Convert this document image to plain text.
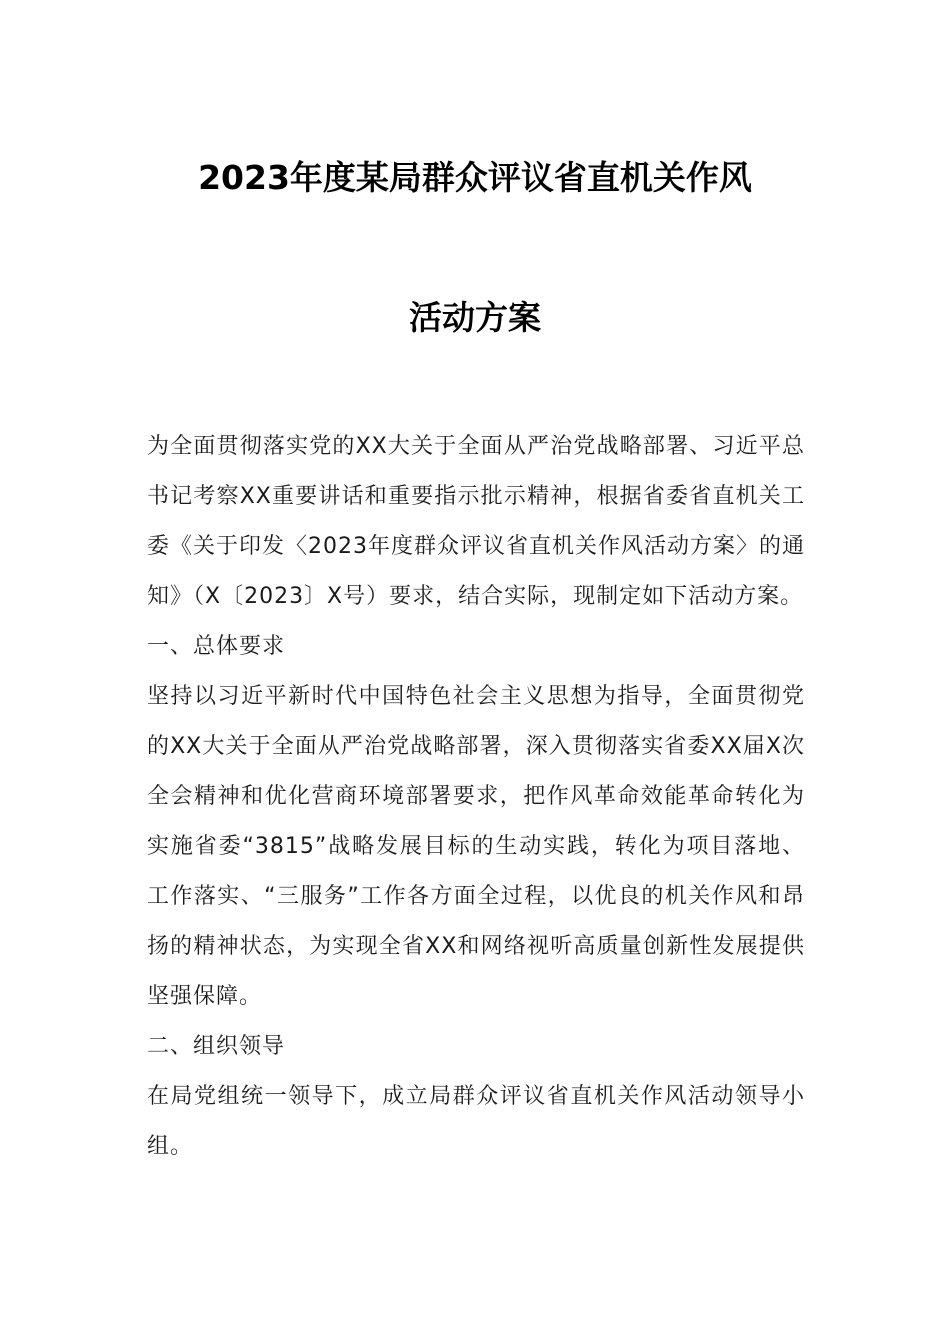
2023年度某局群众评议省直机关作风
活动方案

为全面贯彻落实党的XX大关于全面从严治党战略部署、习近平总书记考察XX重要讲话和重要指示批示精神，根据省委省直机关工委《关于印发〈2023年度群众评议省直机关作风活动方案〉的通知》（X〔2023〕X号）要求，结合实际，现制定如下活动方案。

一、总体要求

坚持以习近平新时代中国特色社会主义思想为指导，全面贯彻党的XX大关于全面从严治党战略部署，深入贯彻落实省委XX届X次全会精神和优化营商环境部署要求，把作风革命效能革命转化为实施省委“3815”战略发展目标的生动实践，转化为项目落地、工作落实、“三服务”工作各方面全过程，以优良的机关作风和昂扬的精神状态，为实现全省XX和网络视听高质量创新性发展提供坚强保障。

二、组织领导

在局党组统一领导下，成立局群众评议省直机关作风活动领导小组。
